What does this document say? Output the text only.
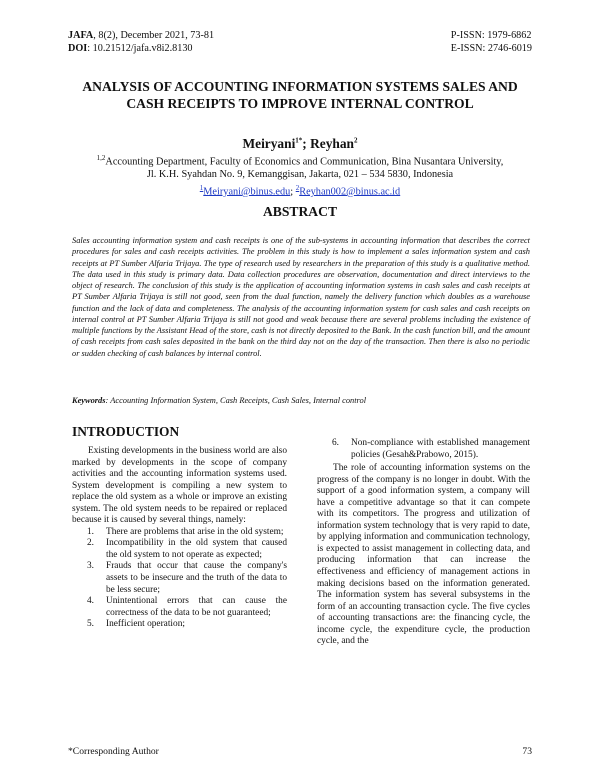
JAFA, 8(2), December 2021, 73-81
DOI: 10.21512/jafa.v8i2.8130
P-ISSN: 1979-6862
E-ISSN: 2746-6019
ANALYSIS OF ACCOUNTING INFORMATION SYSTEMS SALES AND
CASH RECEIPTS TO IMPROVE INTERNAL CONTROL
Meiryani$^{1*}$; Reyhan$^2$
$^{1,2}$Accounting Department, Faculty of Economics and Communication, Bina Nusantara University,
Jl. K.H. Syahdan No. 9, Kemanggisan, Jakarta, 021 – 534 5830, Indonesia
$^1$Meiryani@binus.edu; $^2$Reyhan002@binus.ac.id
ABSTRACT

Sales accounting information system and cash receipts is one of the sub-systems in accounting information that describes the correct procedures for sales and cash receipts activities. The problem in this study is how to implement a sales information system and cash receipts at PT Sumber Alfaria Trijaya. The type of research used by researchers in the preparation of this study is a qualitative method. The data used in this study is primary data. Data collection procedures are observation, documentation and direct interviews to the object of research. The conclusion of this study is the application of accounting information systems in cash sales and cash receipts at PT Sumber Alfaria Trijaya is still not good, seen from the dual function, namely the delivery function which doubles as a warehouse function and the lack of data and completeness. The analysis of the accounting information system for cash sales and cash receipts on internal control at PT Sumber Alfaria Trijaya is still not good and weak because there are several problems including the existence of multiple functions by the Assistant Head of the store, cash is not directly deposited to the Bank. In the cash function bill, and the amount of cash receipts from cash sales deposited in the bank on the third day not on the day of the transaction. Then there is also no periodic or sudden checking of cash balances by internal control.

Keywords: Accounting Information System, Cash Receipts, Cash Sales, Internal control
INTRODUCTION

Existing developments in the business world are also marked by developments in the scope of company activities and the accounting information systems used. System development is compiling a new system to replace the old system as a whole or improve an existing system. The old system needs to be repaired or replaced because it is caused by several things, namely:

1. There are problems that arise in the old system;
2. Incompatibility in the old system that caused the old system to not operate as expected;
3. Frauds that occur that cause the company's assets to be insecure and the truth of the data to be less secure;
4. Unintentional errors that can cause the correctness of the data to be not guaranteed;
5. Inefficient operation;
6. Non-compliance with established management policies (Gesah&Prabowo, 2015).

The role of accounting information systems on the progress of the company is no longer in doubt. With the support of a good information system, a company will have a competitive advantage so that it can compete with its competitors. The progress and utilization of information system technology that is very rapid to date, by applying information and communication technology, is expected to assist management in collecting data, and producing information that can increase the effectiveness and efficiency of management actions in making decisions based on the information generated. The information system has several subsystems in the form of an accounting transaction cycle. The five cycles of accounting transactions are: the financing cycle, the income cycle, the expenditure cycle, the production cycle, and the

*Corresponding Author	73
